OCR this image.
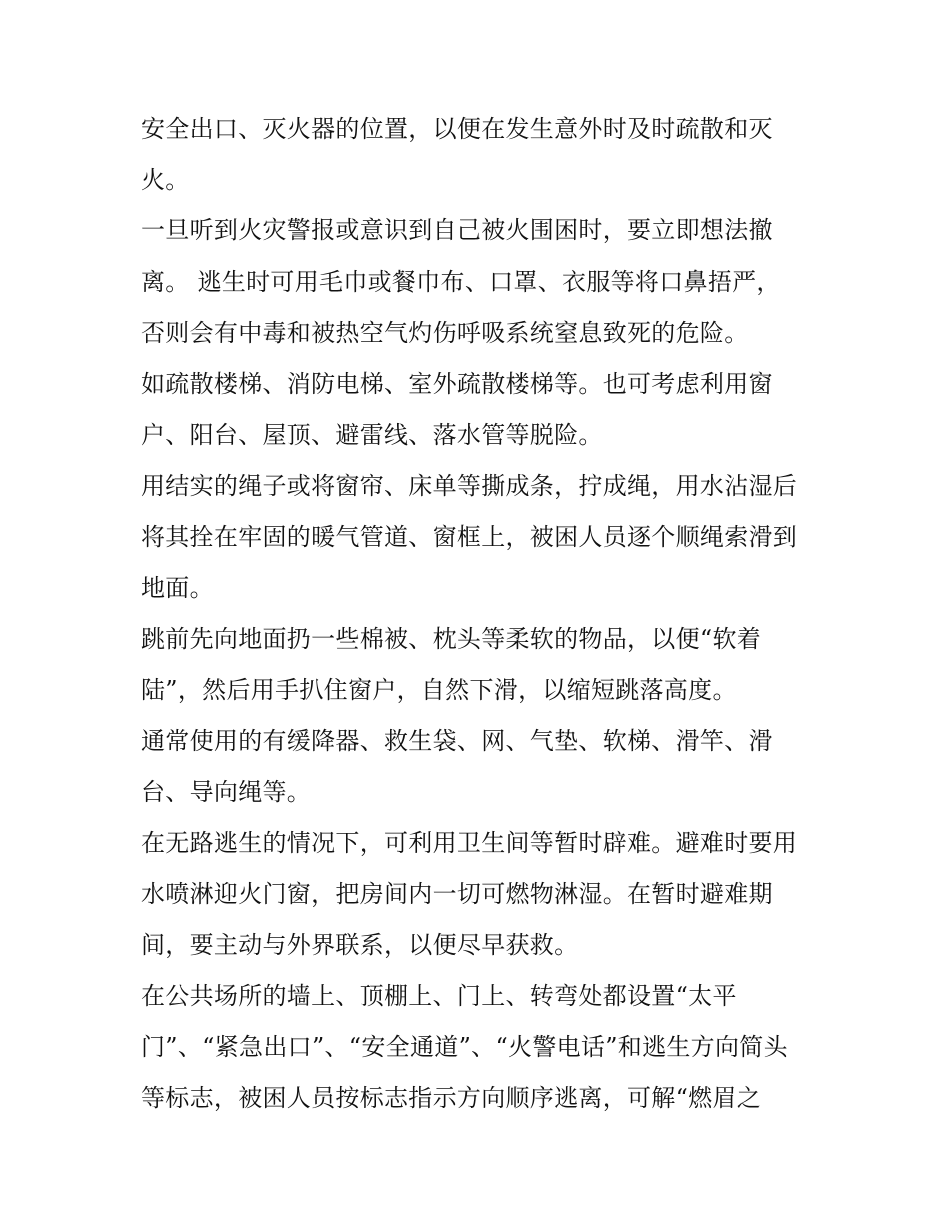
安全出口、灭火器的位置，以便在发生意外时及时疏散和灭
火。
一旦听到火灾警报或意识到自己被火围困时，要立即想法撤
离。 逃生时可用毛巾或餐巾布、口罩、衣服等将口鼻捂严，
否则会有中毒和被热空气灼伤呼吸系统窒息致死的危险。
如疏散楼梯、消防电梯、室外疏散楼梯等。也可考虑利用窗
户、阳台、屋顶、避雷线、落水管等脱险。
用结实的绳子或将窗帘、床单等撕成条，拧成绳，用水沾湿后
将其拴在牢固的暖气管道、窗框上，被困人员逐个顺绳索滑到
地面。
跳前先向地面扔一些棉被、枕头等柔软的物品，以便“软着
陆”，然后用手扒住窗户，自然下滑，以缩短跳落高度。
通常使用的有缓降器、救生袋、网、气垫、软梯、滑竿、滑
台、导向绳等。
在无路逃生的情况下，可利用卫生间等暂时辟难。避难时要用
水喷淋迎火门窗，把房间内一切可燃物淋湿。在暂时避难期
间，要主动与外界联系，以便尽早获救。
在公共场所的墙上、顶棚上、门上、转弯处都设置“太平
门”、“紧急出口”、“安全通道”、“火警电话”和逃生方向简头
等标志，被困人员按标志指示方向顺序逃离，可解“燃眉之
